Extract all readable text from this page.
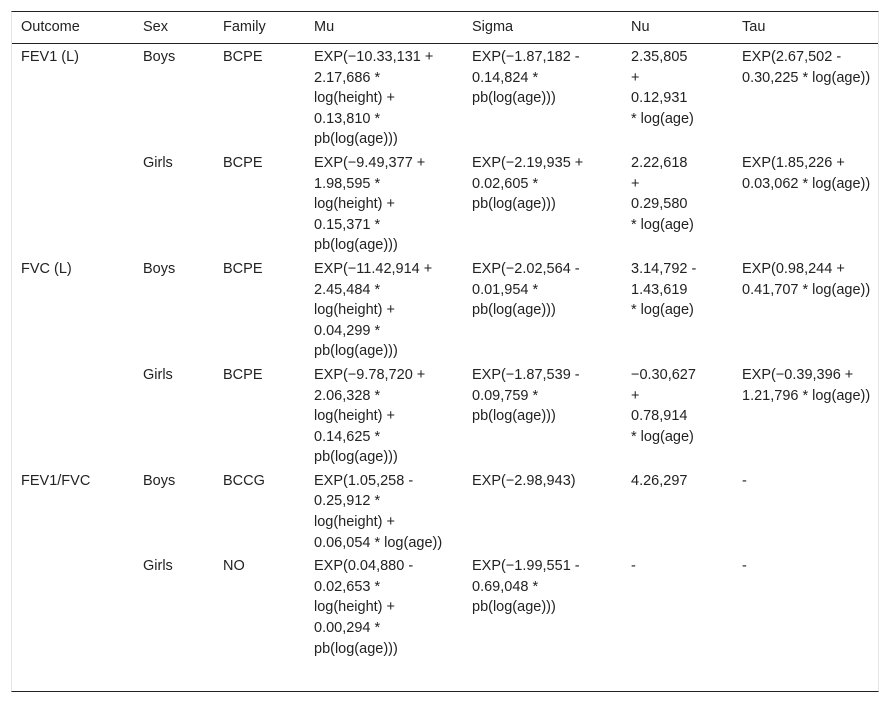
Outcome	Sex	Family	Mu	Sigma	Nu	Tau
FEV1 (L)	Boys	BCPE	EXP(−10.33,131 + 2.17,686 * log(height) + 0.13,810 * pb(log(age)))	EXP(−1.87,182 - 0.14,824 * pb(log(age)))	2.35,805 + 0.12,931 * log(age)	EXP(2.67,502 - 0.30,225 * log(age))
	Girls	BCPE	EXP(−9.49,377 + 1.98,595 * log(height) + 0.15,371 * pb(log(age)))	EXP(−2.19,935 + 0.02,605 * pb(log(age)))	2.22,618 + 0.29,580 * log(age)	EXP(1.85,226 + 0.03,062 * log(age))
FVC (L)	Boys	BCPE	EXP(−11.42,914 + 2.45,484 * log(height) + 0.04,299 * pb(log(age)))	EXP(−2.02,564 - 0.01,954 * pb(log(age)))	3.14,792 - 1.43,619 * log(age)	EXP(0.98,244 + 0.41,707 * log(age))
	Girls	BCPE	EXP(−9.78,720 + 2.06,328 * log(height) + 0.14,625 * pb(log(age)))	EXP(−1.87,539 - 0.09,759 * pb(log(age)))	−0.30,627 + 0.78,914 * log(age)	EXP(−0.39,396 + 1.21,796 * log(age))
FEV1/FVC	Boys	BCCG	EXP(1.05,258 - 0.25,912 * log(height) + 0.06,054 * log(age))	EXP(−2.98,943)	4.26,297	-
	Girls	NO	EXP(0.04,880 - 0.02,653 * log(height) + 0.00,294 * pb(log(age)))	EXP(−1.99,551 - 0.69,048 * pb(log(age)))	-	-
